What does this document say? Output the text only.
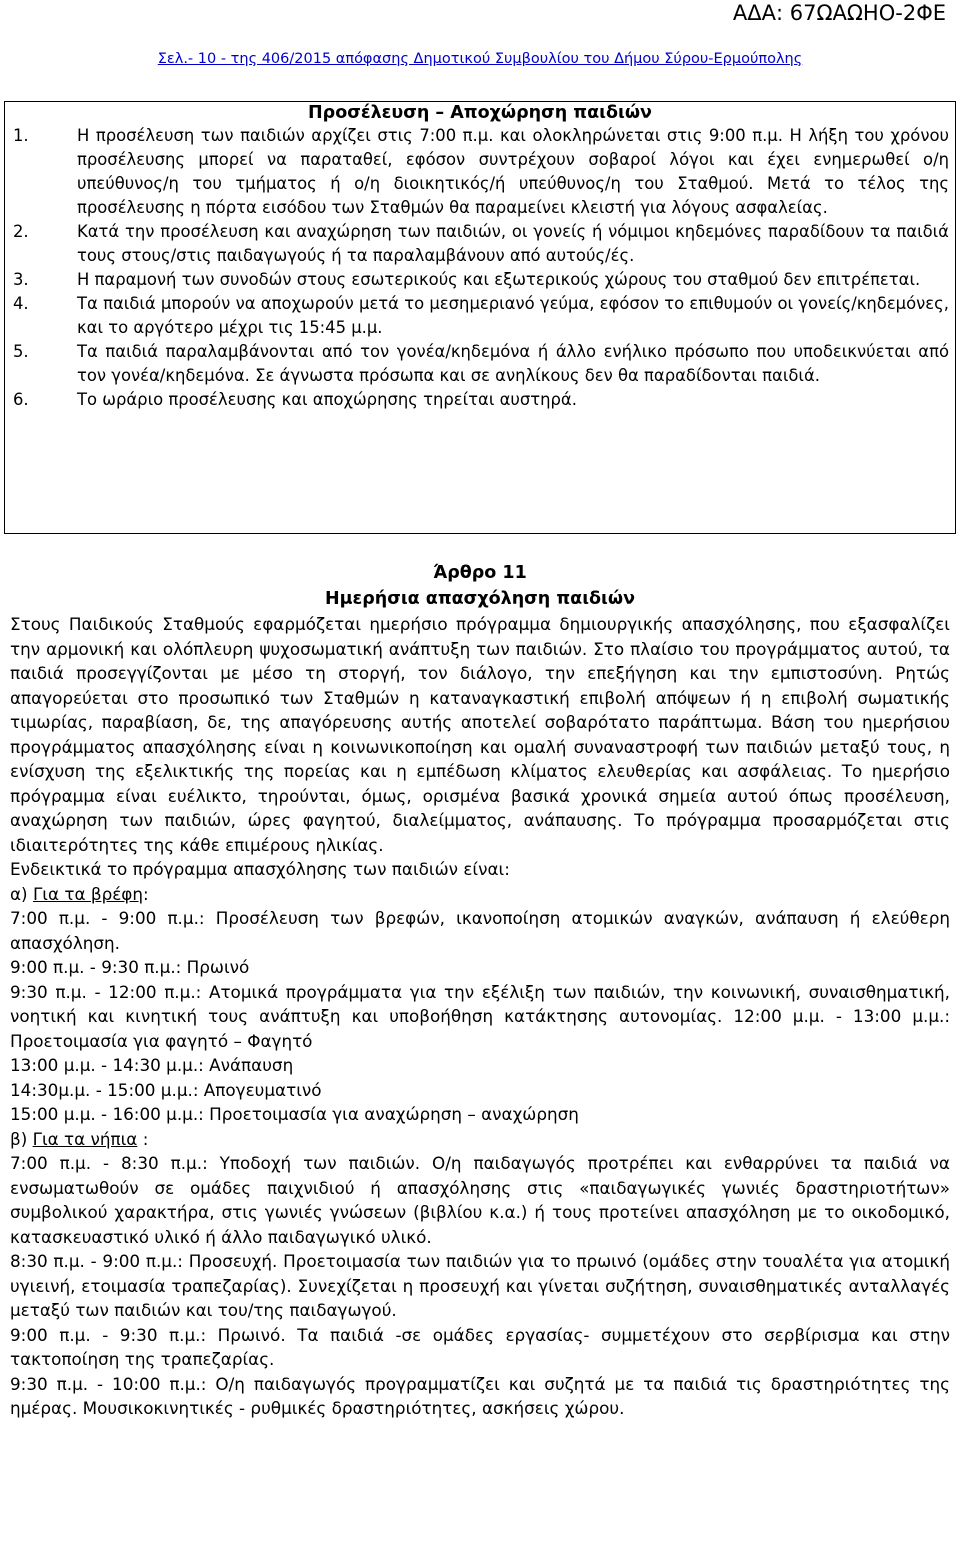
ΑΔΑ: 67ΩΑΩΗΟ-2ΦΕ
Σελ.- 10 - της 406/2015 απόφασης Δημοτικού Συμβουλίου του Δήμου Σύρου-Ερμούπολης
Προσέλευση – Αποχώρηση παιδιών
1.	Η προσέλευση των παιδιών αρχίζει στις 7:00 π.μ. και ολοκληρώνεται στις 9:00 π.μ. Η λήξη του χρόνου προσέλευσης μπορεί να παραταθεί, εφόσον συντρέχουν σοβαροί λόγοι και έχει ενημερωθεί ο/η υπεύθυνος/η του τμήματος ή ο/η διοικητικός/ή υπεύθυνος/η του Σταθμού. Μετά το τέλος της προσέλευσης η πόρτα εισόδου των Σταθμών θα παραμείνει κλειστή για λόγους ασφαλείας.
2.	Κατά την προσέλευση και αναχώρηση των παιδιών, οι γονείς ή νόμιμοι κηδεμόνες παραδίδουν τα παιδιά τους στους/στις παιδαγωγούς ή τα παραλαμβάνουν από αυτούς/ές.
3.	Η παραμονή των συνοδών στους εσωτερικούς και εξωτερικούς χώρους του σταθμού δεν επιτρέπεται.
4.	Τα παιδιά μπορούν να αποχωρούν μετά το μεσημεριανό γεύμα, εφόσον το επιθυμούν οι γονείς/κηδεμόνες, και το αργότερο μέχρι τις 15:45 μ.μ.
5.	Τα παιδιά παραλαμβάνονται από τον γονέα/κηδεμόνα ή άλλο ενήλικο πρόσωπο που υποδεικνύεται από τον γονέα/κηδεμόνα. Σε άγνωστα πρόσωπα και σε ανηλίκους δεν θα παραδίδονται παιδιά.
6.	Το ωράριο προσέλευσης και αποχώρησης τηρείται αυστηρά.
Άρθρο 11
Ημερήσια απασχόληση παιδιών

Στους Παιδικούς Σταθμούς εφαρμόζεται ημερήσιο πρόγραμμα δημιουργικής απασχόλησης, που εξασφαλίζει την αρμονική και ολόπλευρη ψυχοσωματική ανάπτυξη των παιδιών. Στο πλαίσιο του προγράμματος αυτού, τα παιδιά προσεγγίζονται με μέσο τη στοργή, τον διάλογο, την επεξήγηση και την εμπιστοσύνη. Ρητώς απαγορεύεται στο προσωπικό των Σταθμών η καταναγκαστική επιβολή απόψεων ή η επιβολή σωματικής τιμωρίας, παραβίαση, δε, της απαγόρευσης αυτής αποτελεί σοβαρότατο παράπτωμα. Βάση του ημερήσιου προγράμματος απασχόλησης είναι η κοινωνικοποίηση και ομαλή συναναστροφή των παιδιών μεταξύ τους, η ενίσχυση της εξελικτικής της πορείας και η εμπέδωση κλίματος ελευθερίας και ασφάλειας. Το ημερήσιο πρόγραμμα είναι ευέλικτο, τηρούνται, όμως, ορισμένα βασικά χρονικά σημεία αυτού όπως προσέλευση, αναχώρηση των παιδιών, ώρες φαγητού, διαλείμματος, ανάπαυσης. Το πρόγραμμα προσαρμόζεται στις ιδιαιτερότητες της κάθε επιμέρους ηλικίας.

Ενδεικτικά το πρόγραμμα απασχόλησης των παιδιών είναι:

α) Για τα βρέφη:

7:00 π.μ. - 9:00 π.μ.: Προσέλευση των βρεφών, ικανοποίηση ατομικών αναγκών, ανάπαυση ή ελεύθερη απασχόληση.

9:00 π.μ. - 9:30 π.μ.: Πρωινό

9:30 π.μ. - 12:00 π.μ.: Ατομικά προγράμματα για την εξέλιξη των παιδιών, την κοινωνική, συναισθηματική, νοητική και κινητική τους ανάπτυξη και υποβοήθηση κατάκτησης αυτονομίας. 12:00 μ.μ. - 13:00 μ.μ.: Προετοιμασία για φαγητό – Φαγητό

13:00 μ.μ. - 14:30 μ.μ.: Ανάπαυση

14:30μ.μ. - 15:00 μ.μ.: Απογευματινό

15:00 μ.μ. - 16:00 μ.μ.: Προετοιμασία για αναχώρηση – αναχώρηση

β) Για τα νήπια :

7:00 π.μ. - 8:30 π.μ.: Υποδοχή των παιδιών. Ο/η παιδαγωγός προτρέπει και ενθαρρύνει τα παιδιά να ενσωματωθούν σε ομάδες παιχνιδιού ή απασχόλησης στις «παιδαγωγικές γωνιές δραστηριοτήτων» συμβολικού χαρακτήρα, στις γωνιές γνώσεων (βιβλίου κ.α.) ή τους προτείνει απασχόληση με το οικοδομικό, κατασκευαστικό υλικό ή άλλο παιδαγωγικό υλικό.

8:30 π.μ. - 9:00 π.μ.: Προσευχή. Προετοιμασία των παιδιών για το πρωινό (ομάδες στην τουαλέτα για ατομική υγιεινή, ετοιμασία τραπεζαρίας). Συνεχίζεται η προσευχή και γίνεται συζήτηση, συναισθηματικές ανταλλαγές μεταξύ των παιδιών και του/της παιδαγωγού.

9:00 π.μ. - 9:30 π.μ.: Πρωινό. Τα παιδιά -σε ομάδες εργασίας- συμμετέχουν στο σερβίρισμα και στην τακτοποίηση της τραπεζαρίας.

9:30 π.μ. - 10:00 π.μ.: Ο/η παιδαγωγός προγραμματίζει και συζητά με τα παιδιά τις δραστηριότητες της ημέρας. Μουσικοκινητικές - ρυθμικές δραστηριότητες, ασκήσεις χώρου.
